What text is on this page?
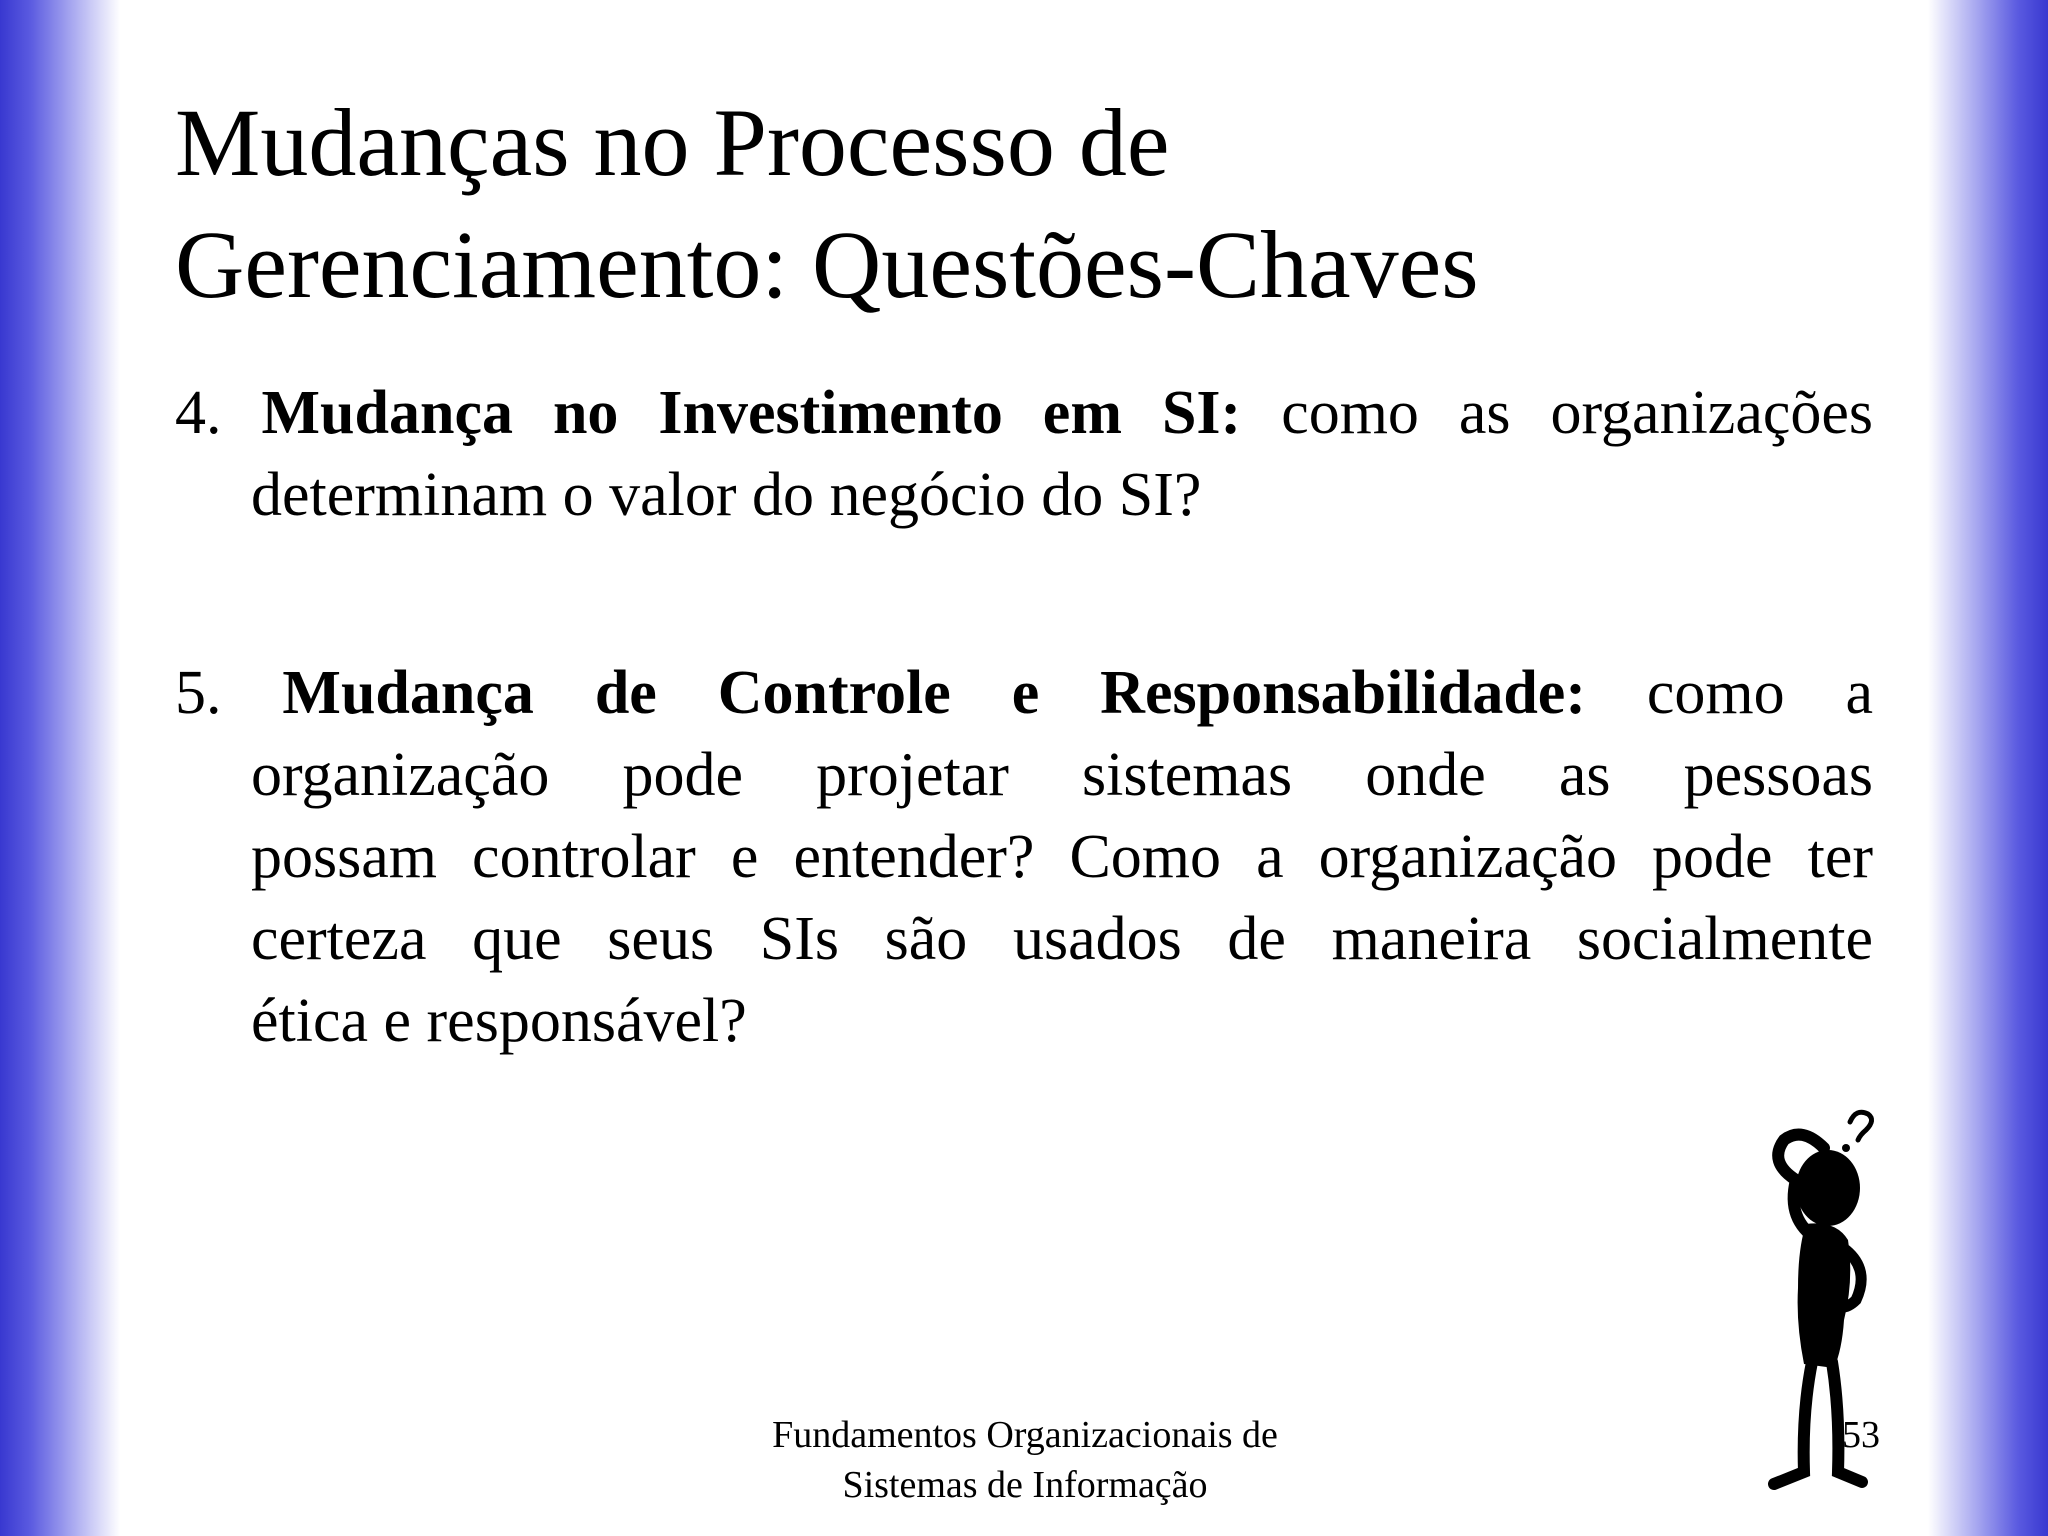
Mudanças no Processo de
Gerenciamento: Questões-Chaves
4. Mudança no Investimento em SI: como as organizações
determinam o valor do negócio do SI?
5. Mudança de Controle e Responsabilidade: como a
organização pode projetar sistemas onde as pessoas
possam controlar e entender? Como a organização pode ter
certeza que seus SIs são usados de maneira socialmente
ética e responsável?
Fundamentos Organizacionais de
Sistemas de Informação
53
